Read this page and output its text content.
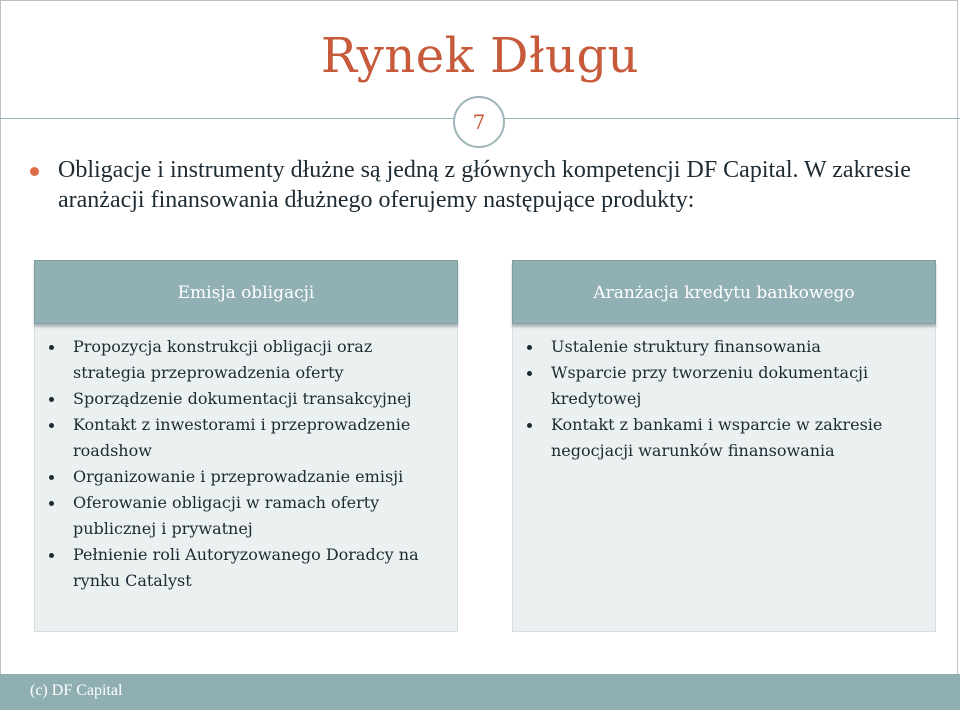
Rynek Długu
7
Obligacje i instrumenty dłużne są jedną z głównych kompetencji DF Capital. W zakresie aranżacji finansowania dłużnego oferujemy następujące produkty:
Emisja obligacji
Propozycja konstrukcji obligacji oraz strategia przeprowadzenia oferty
Sporządzenie dokumentacji transakcyjnej
Kontakt z inwestorami i przeprowadzenie roadshow
Organizowanie i przeprowadzanie emisji
Oferowanie obligacji w ramach oferty publicznej i prywatnej
Pełnienie roli Autoryzowanego Doradcy na rynku Catalyst
Aranżacja kredytu bankowego
Ustalenie struktury finansowania
Wsparcie przy tworzeniu dokumentacji kredytowej
Kontakt z bankami i wsparcie w zakresie negocjacji warunków finansowania
(c) DF Capital
